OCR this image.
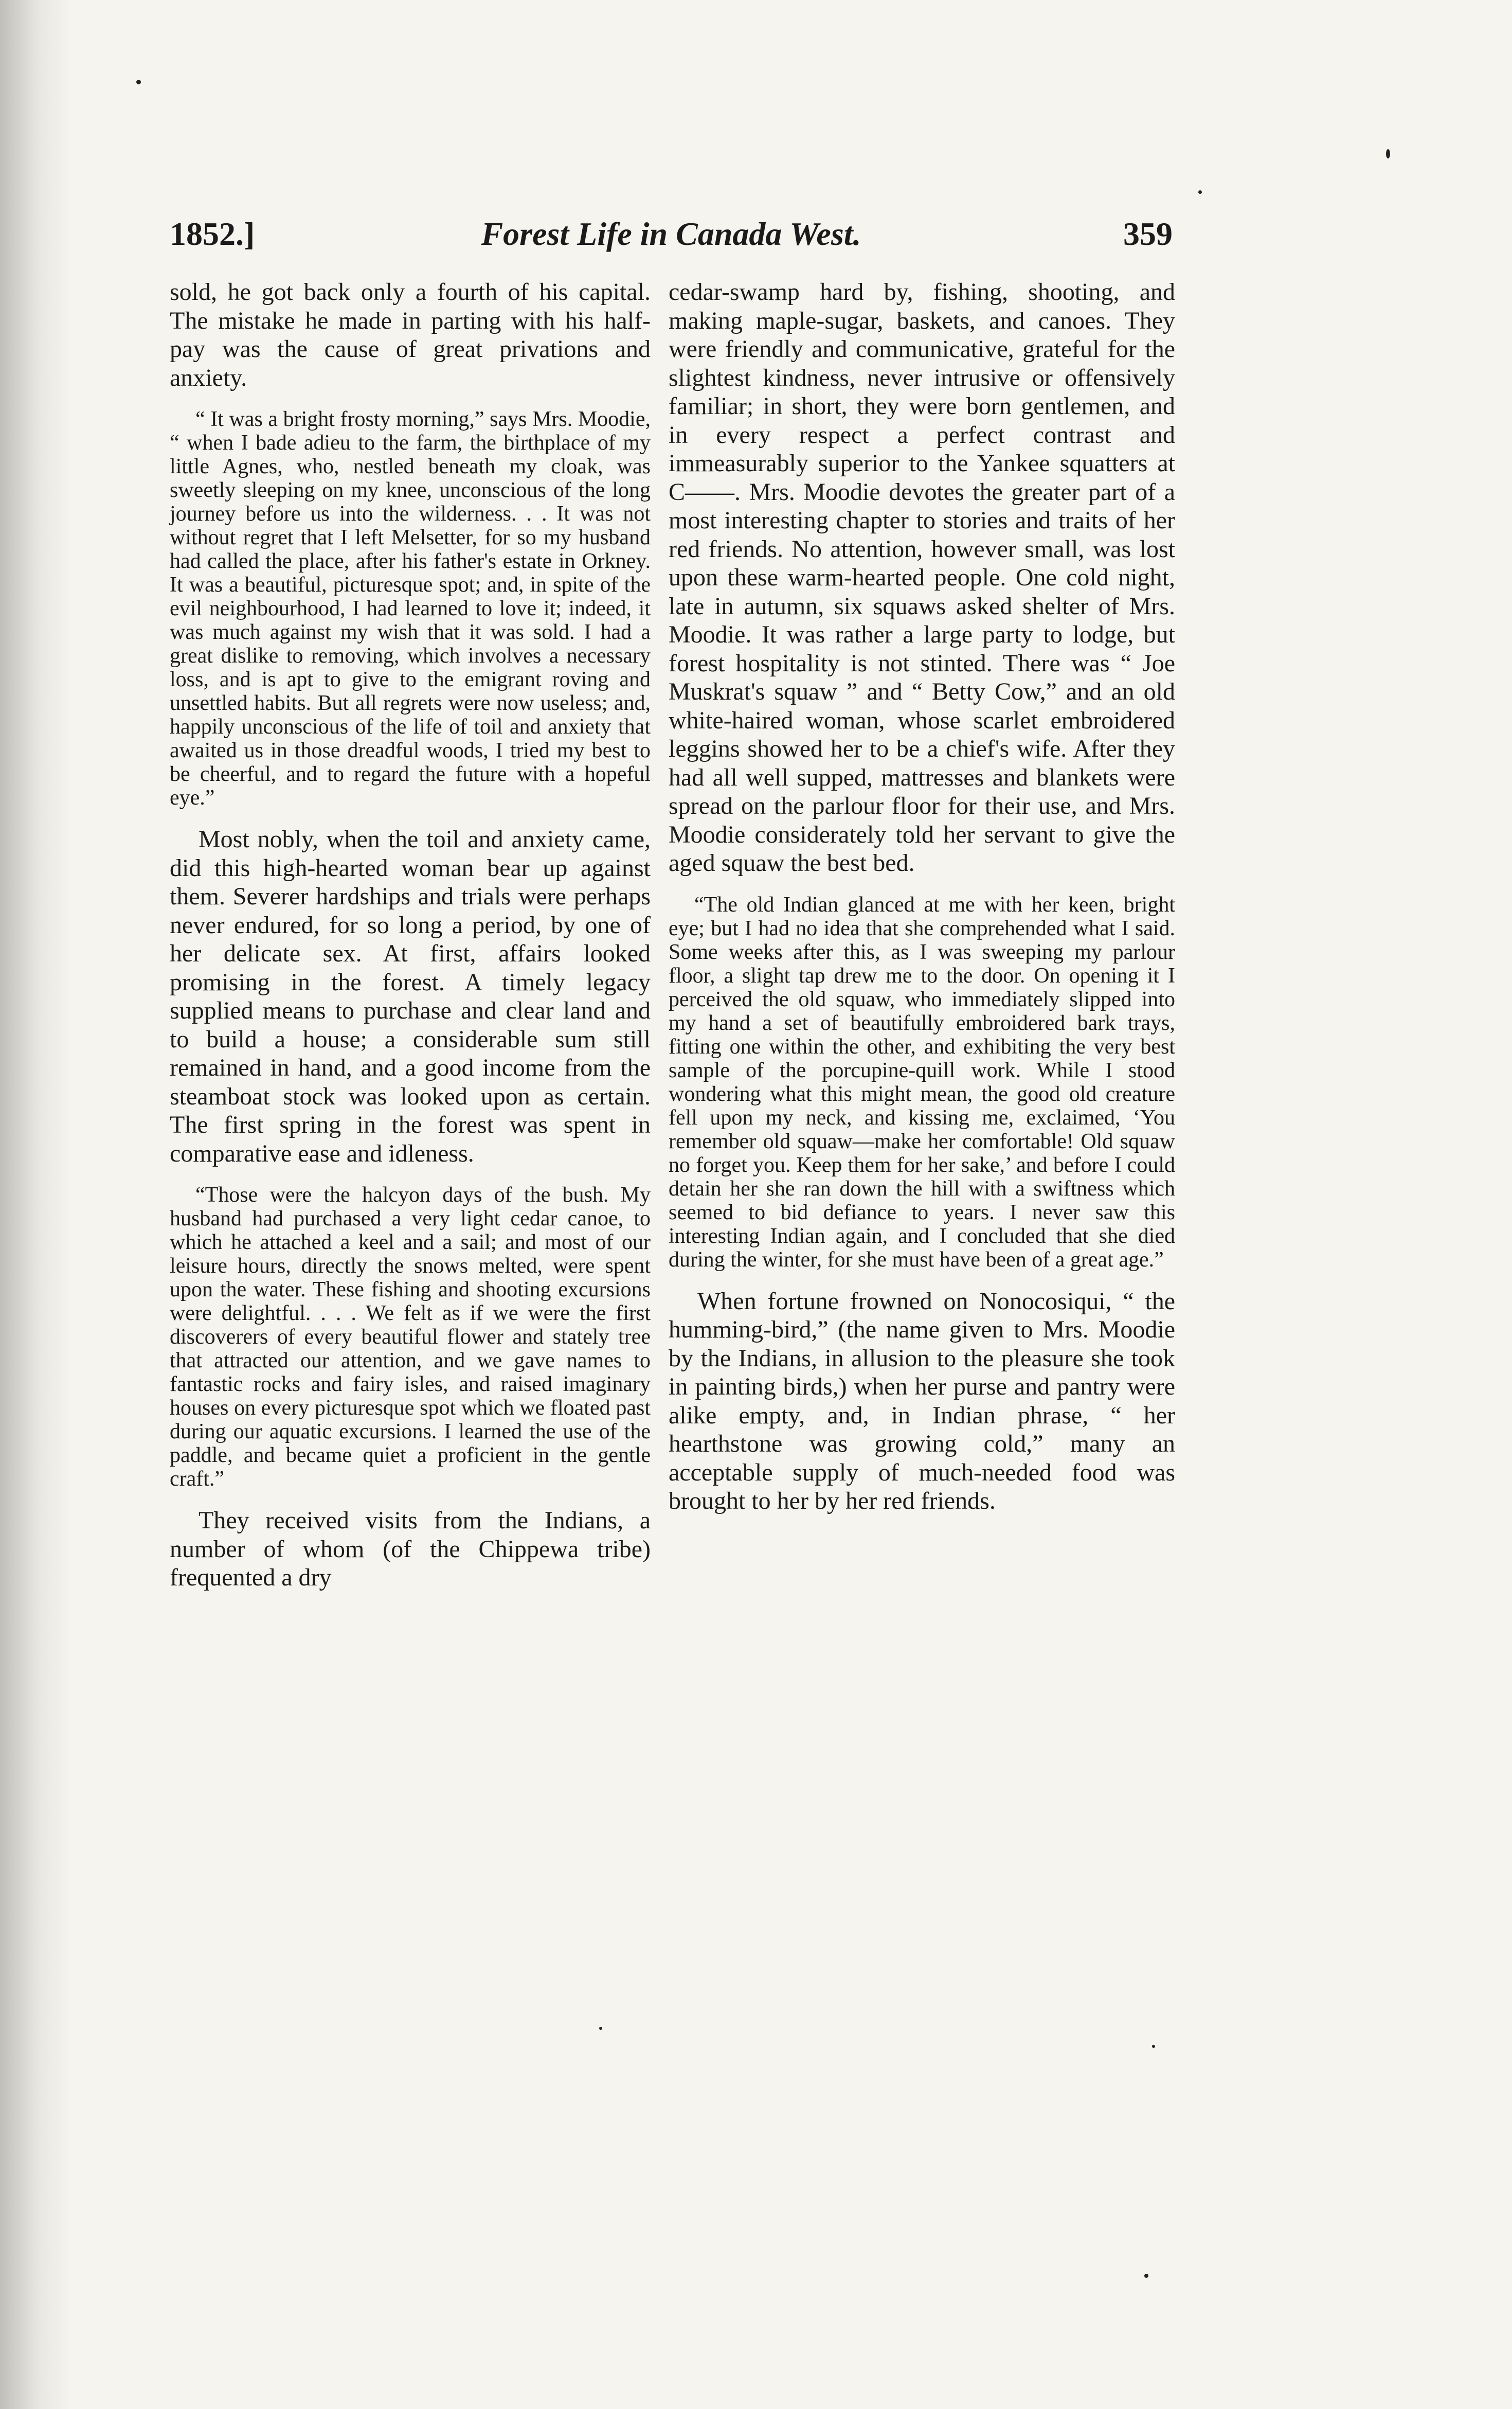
1852.]	Forest Life in Canada West.	359

sold, he got back only a fourth of his capital. The mistake he made in parting with his half-pay was the cause of great privations and anxiety.

“ It was a bright frosty morning,” says Mrs. Moodie, “ when I bade adieu to the farm, the birthplace of my little Agnes, who, nestled beneath my cloak, was sweetly sleeping on my knee, unconscious of the long journey before us into the wilderness. . . It was not without regret that I left Melsetter, for so my husband had called the place, after his father's estate in Orkney. It was a beautiful, picturesque spot; and, in spite of the evil neighbourhood, I had learned to love it; indeed, it was much against my wish that it was sold. I had a great dislike to removing, which involves a necessary loss, and is apt to give to the emigrant roving and unsettled habits. But all regrets were now useless; and, happily unconscious of the life of toil and anxiety that awaited us in those dreadful woods, I tried my best to be cheerful, and to regard the future with a hopeful eye.”

Most nobly, when the toil and anxiety came, did this high-hearted woman bear up against them. Severer hardships and trials were perhaps never endured, for so long a period, by one of her delicate sex. At first, affairs looked promising in the forest. A timely legacy supplied means to purchase and clear land and to build a house; a considerable sum still remained in hand, and a good income from the steamboat stock was looked upon as certain. The first spring in the forest was spent in comparative ease and idleness.

“Those were the halcyon days of the bush. My husband had purchased a very light cedar canoe, to which he attached a keel and a sail; and most of our leisure hours, directly the snows melted, were spent upon the water. These fishing and shooting excursions were delightful. . . . We felt as if we were the first discoverers of every beautiful flower and stately tree that attracted our attention, and we gave names to fantastic rocks and fairy isles, and raised imaginary houses on every picturesque spot which we floated past during our aquatic excursions. I learned the use of the paddle, and became quiet a proficient in the gentle craft.”

They received visits from the Indians, a number of whom (of the Chippewa tribe) frequented a dry

cedar-swamp hard by, fishing, shooting, and making maple-sugar, baskets, and canoes. They were friendly and communicative, grateful for the slightest kindness, never intrusive or offensively familiar; in short, they were born gentlemen, and in every respect a perfect contrast and immeasurably superior to the Yankee squatters at C——. Mrs. Moodie devotes the greater part of a most interesting chapter to stories and traits of her red friends. No attention, however small, was lost upon these warm-hearted people. One cold night, late in autumn, six squaws asked shelter of Mrs. Moodie. It was rather a large party to lodge, but forest hospitality is not stinted. There was “ Joe Muskrat's squaw ” and “ Betty Cow,” and an old white-haired woman, whose scarlet embroidered leggins showed her to be a chief's wife. After they had all well supped, mattresses and blankets were spread on the parlour floor for their use, and Mrs. Moodie considerately told her servant to give the aged squaw the best bed.

“The old Indian glanced at me with her keen, bright eye; but I had no idea that she comprehended what I said. Some weeks after this, as I was sweeping my parlour floor, a slight tap drew me to the door. On opening it I perceived the old squaw, who immediately slipped into my hand a set of beautifully embroidered bark trays, fitting one within the other, and exhibiting the very best sample of the porcupine-quill work. While I stood wondering what this might mean, the good old creature fell upon my neck, and kissing me, exclaimed, ‘You remember old squaw—make her comfortable! Old squaw no forget you. Keep them for her sake,’ and before I could detain her she ran down the hill with a swiftness which seemed to bid defiance to years. I never saw this interesting Indian again, and I concluded that she died during the winter, for she must have been of a great age.”

When fortune frowned on Nonocosiqui, “ the humming-bird,” (the name given to Mrs. Moodie by the Indians, in allusion to the pleasure she took in painting birds,) when her purse and pantry were alike empty, and, in Indian phrase, “ her hearthstone was growing cold,” many an acceptable supply of much-needed food was brought to her by her red friends.
